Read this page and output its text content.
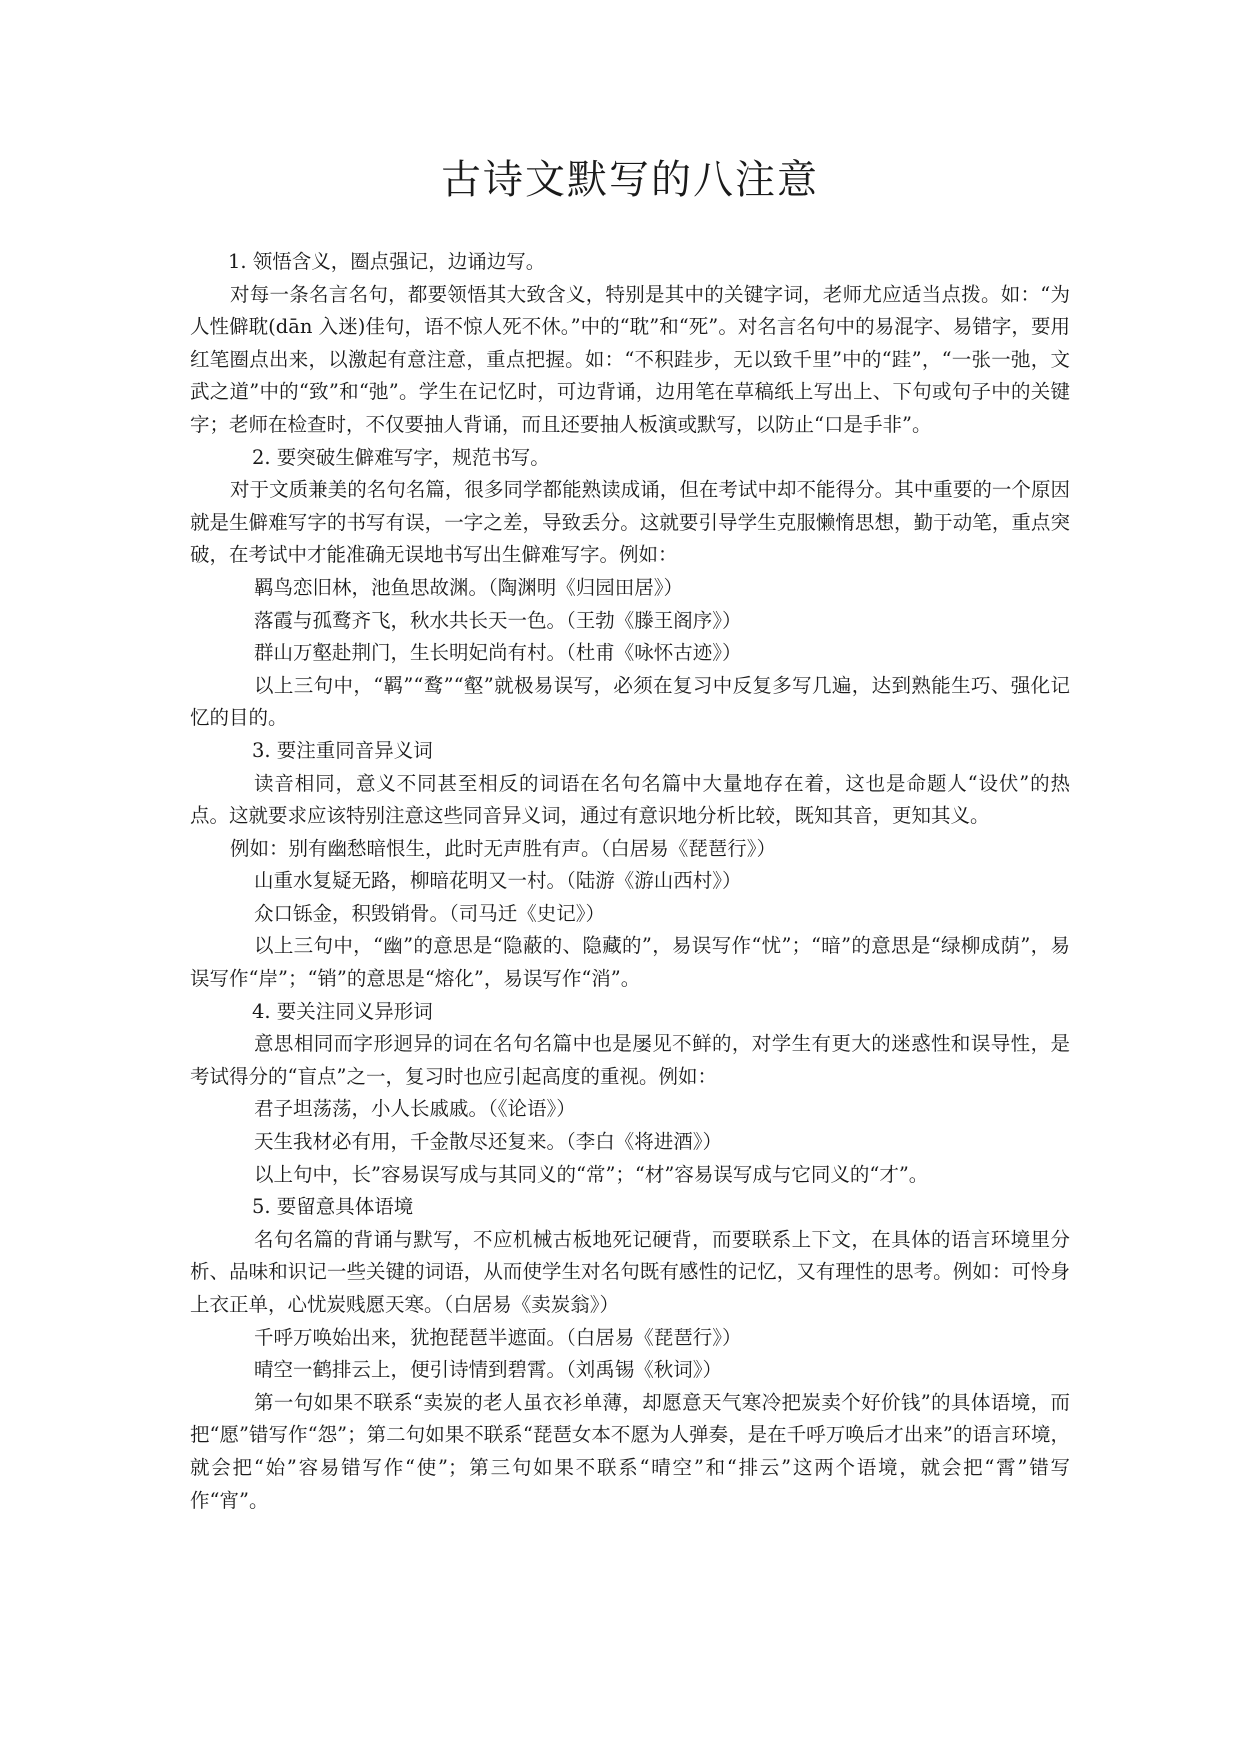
古诗文默写的八注意

1. 领悟含义，圈点强记，边诵边写。

对每一条名言名句，都要领悟其大致含义，特别是其中的关键字词，老师尤应适当点拨。如：“为人性僻耽(dān 入迷)佳句，语不惊人死不休。”中的“耽”和“死”。对名言名句中的易混字、易错字，要用红笔圈点出来，以激起有意注意，重点把握。如：“不积跬步，无以致千里”中的“跬”，“一张一弛，文武之道”中的“致”和“弛”。学生在记忆时，可边背诵，边用笔在草稿纸上写出上、下句或句子中的关键字；老师在检查时，不仅要抽人背诵，而且还要抽人板演或默写，以防止“口是手非”。

2. 要突破生僻难写字，规范书写。

对于文质兼美的名句名篇，很多同学都能熟读成诵，但在考试中却不能得分。其中重要的一个原因就是生僻难写字的书写有误，一字之差，导致丢分。这就要引导学生克服懒惰思想，勤于动笔，重点突破，在考试中才能准确无误地书写出生僻难写字。例如：

羁鸟恋旧林，池鱼思故渊。（陶渊明《归园田居》）

落霞与孤鹜齐飞，秋水共长天一色。（王勃《滕王阁序》）

群山万壑赴荆门，生长明妃尚有村。（杜甫《咏怀古迹》）

以上三句中，“羁”“鹜”“壑”就极易误写，必须在复习中反复多写几遍，达到熟能生巧、强化记忆的目的。

3. 要注重同音异义词

读音相同，意义不同甚至相反的词语在名句名篇中大量地存在着，这也是命题人“设伏”的热点。这就要求应该特别注意这些同音异义词，通过有意识地分析比较，既知其音，更知其义。

例如：别有幽愁暗恨生，此时无声胜有声。（白居易《琵琶行》）

山重水复疑无路，柳暗花明又一村。（陆游《游山西村》）

众口铄金，积毁销骨。（司马迁《史记》）

以上三句中，“幽”的意思是“隐蔽的、隐藏的”，易误写作“忧”；“暗”的意思是“绿柳成荫”，易误写作“岸”；“销”的意思是“熔化”，易误写作“消”。

4. 要关注同义异形词

意思相同而字形迥异的词在名句名篇中也是屡见不鲜的，对学生有更大的迷惑性和误导性，是考试得分的“盲点”之一，复习时也应引起高度的重视。例如：

君子坦荡荡，小人长戚戚。（《论语》）

天生我材必有用，千金散尽还复来。（李白《将进酒》）

以上句中，长”容易误写成与其同义的“常”；“材”容易误写成与它同义的“才”。

5. 要留意具体语境

名句名篇的背诵与默写，不应机械古板地死记硬背，而要联系上下文，在具体的语言环境里分析、品味和识记一些关键的词语，从而使学生对名句既有感性的记忆，又有理性的思考。例如：可怜身上衣正单，心忧炭贱愿天寒。（白居易《卖炭翁》）

千呼万唤始出来，犹抱琵琶半遮面。（白居易《琵琶行》）

晴空一鹤排云上，便引诗情到碧霄。（刘禹锡《秋词》）

第一句如果不联系“卖炭的老人虽衣衫单薄，却愿意天气寒冷把炭卖个好价钱”的具体语境，而把“愿”错写作“怨”；第二句如果不联系“琵琶女本不愿为人弹奏，是在千呼万唤后才出来”的语言环境，就会把“始”容易错写作“使”；第三句如果不联系“晴空”和“排云”这两个语境，就会把“霄”错写作“宵”。
